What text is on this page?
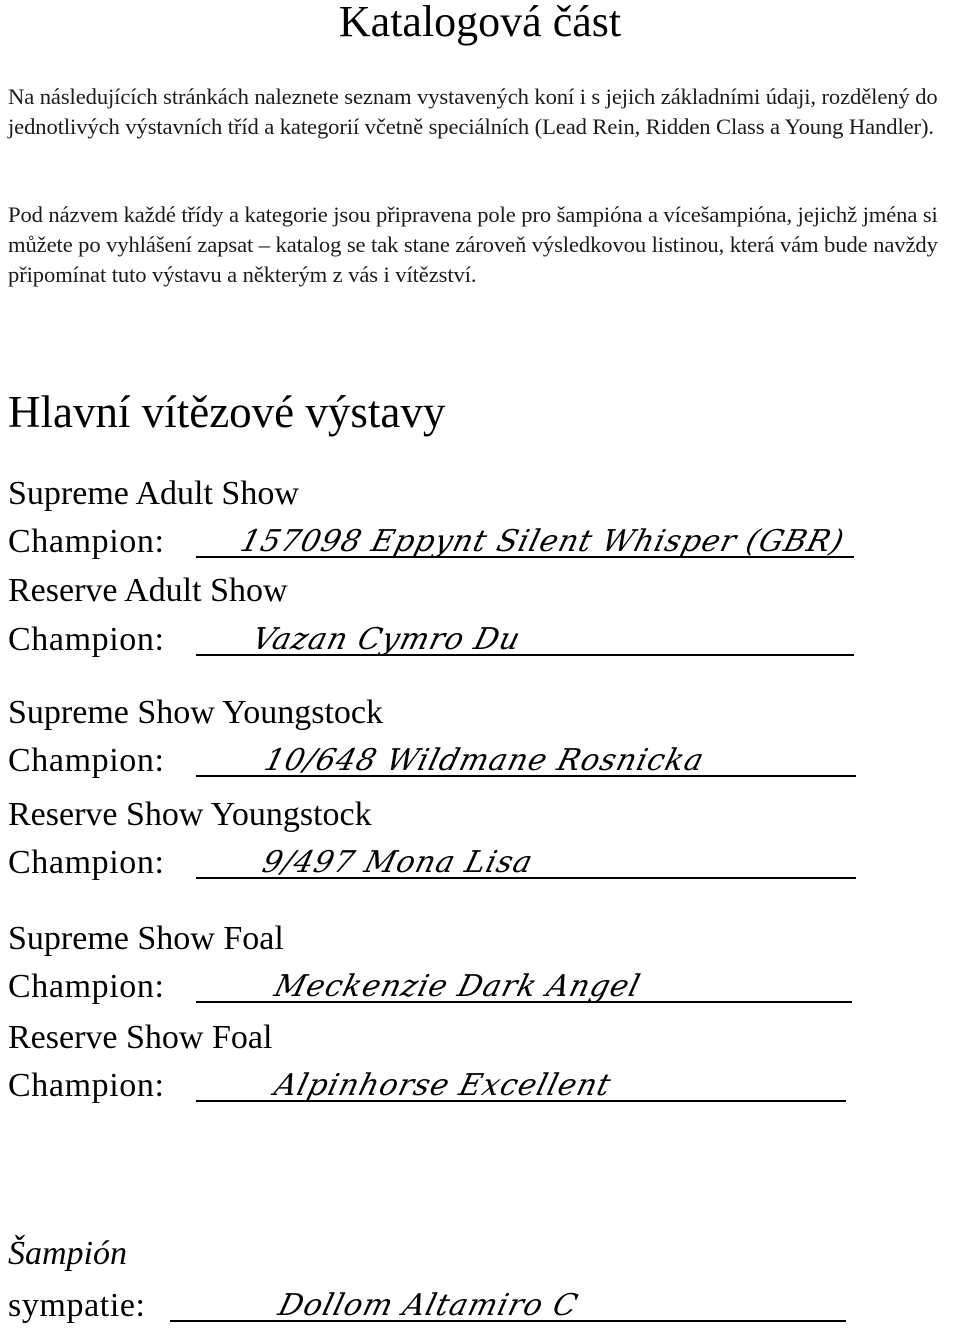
Katalogová část

Na následujících stránkách naleznete seznam vystavených koní i s jejich základními údaji, rozdělený do jednotlivých výstavních tříd a kategorií včetně speciálních (Lead Rein, Ridden Class a Young Handler).

Pod názvem každé třídy a kategorie jsou připravena pole pro šampióna a vícešampióna, jejichž jména si můžete po vyhlášení zapsat – katalog se tak stane zároveň výsledkovou listinou, která vám bude navždy připomínat tuto výstavu a některým z vás i vítězství.

Hlavní vítězové výstavy
Supreme Adult Show
Champion: 157098 Eppynt Silent Whisper (GBR)
Reserve Adult Show
Champion:	Vazan Cymro Du
Supreme Show Youngstock
Champion:	10/648 Wildmane Rosnicka
Reserve Show Youngstock
Champion:	9/497 Mona Lisa
Supreme Show Foal
Champion:	Meckenzie Dark Angel
Reserve Show Foal
Champion:	Alpinhorse Excellent
Šampión
sympatie:	Dollom Altamiro C
